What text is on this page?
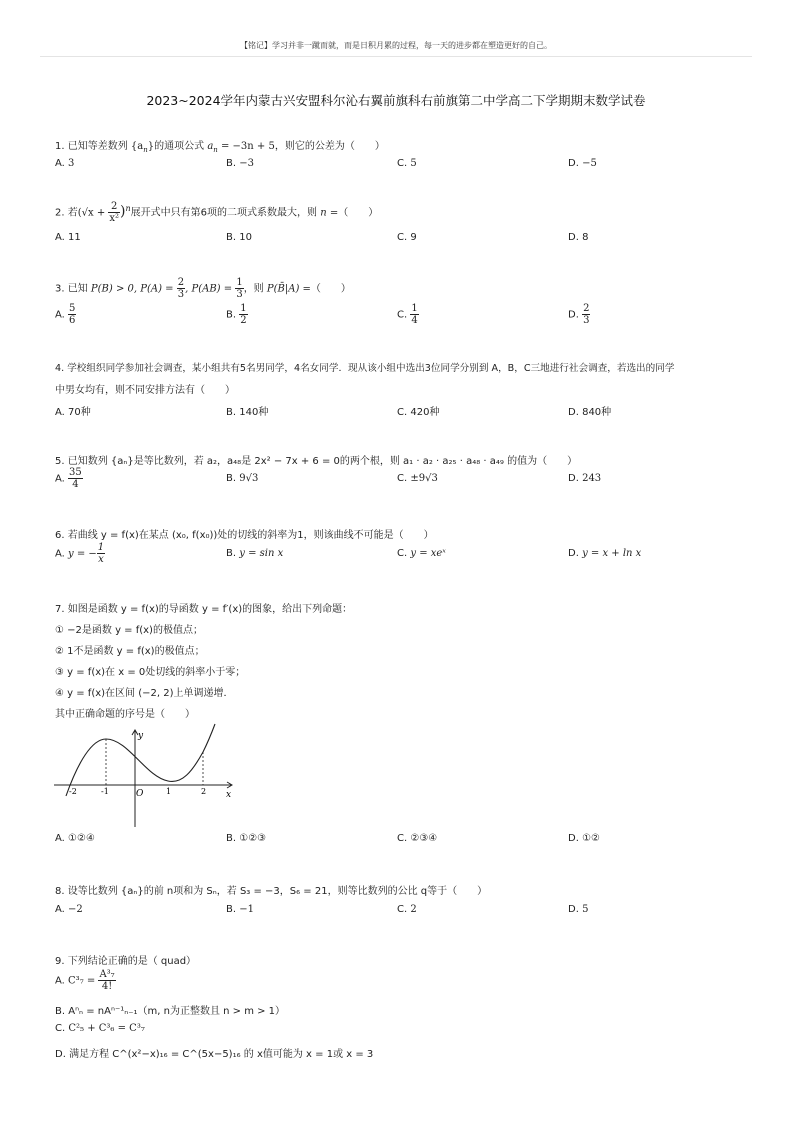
【铭记】学习并非一蹴而就，而是日积月累的过程，每一天的进步都在塑造更好的自己。
2023~2024学年内蒙古兴安盟科尔沁右翼前旗科右前旗第二中学高二下学期期末数学试卷
1. 已知等差数列 $\{a_n\}$的通项公式 $a_n = -3n + 5$，则它的公差为（　　）
A. 3	B. −3	C. 5	D. −5
2. 若$(√x + \frac{2}{\text{x²}} )^n$展开式中只有第6项的二项式系数最大，则 n =（　　）
A. 11	B. 10	C. 9	D. 8
3. 已知 P(B) > 0, $P(A) = \frac{2}{3}$ , $P(AB) = \frac{1}{3}$ ，则 P(B̄|A) =（　　）
A. $\frac{5}{6}$	B. $\frac{1}{2}$	C. $\frac{1}{4}$	D. $\frac{2}{3}$
4. 学校组织同学参加社会调查，某小组共有5名男同学，4名女同学．现从该小组中选出3位同学分别到 A，B，C三地进行社会调查，若选出的同学
中男女均有，则不同安排方法有（　　）
A. 70种	B. 140种	C. 420种	D. 840种
5. 已知数列 {aₙ}是等比数列，若 a₂，a₄₈是 2x² − 7x + 6 = 0的两个根，则 a₁ · a₂ · a₂₅ · a₄₈ · a₄₉ 的值为（　　）
A. $\frac{35}{4}$	B. 9√3	C. ±9√3	D. 243
6. 若曲线 y = f(x)在某点 (x₀, f(x₀))处的切线的斜率为1，则该曲线不可能是（　　）
A. y = − $\frac{1}{x}$	B. y = sin x	C. y = xeˣ	D. y = x + ln x
7. 如图是函数 y = f(x)的导函数 y = f′(x)的图象，给出下列命题：
① −2是函数 y = f(x)的极值点；
② 1不是函数 y = f(x)的极值点；
③ y = f(x)在 x = 0处切线的斜率小于零；
④ y = f(x)在区间 (−2, 2)上单调递增．
其中正确命题的序号是（　　）
x
y
O
-2	-1	1	2
A. ①②④	B. ①②③	C. ②③④	D. ①②
8. 设等比数列 {aₙ}的前 n项和为 Sₙ，若 S₃ = −3，S₆ = 21，则等比数列的公比 q等于（　　）
A. −2	B. −1	C. 2	D. 5
9. 下列结论正确的是（ quad）
A. $C^3_7 = \frac{\text{A³₇}}{4!}$
B. Aⁿₙ = nAⁿ⁻¹ₙ₋₁（m, n为正整数且 n > m > 1）
C. C²₅ + C³₆ = C³₇
D. 满足方程 C^(x²−x)₁₆ = C^(5x−5)₁₆ 的 x值可能为 x = 1或 x = 3
